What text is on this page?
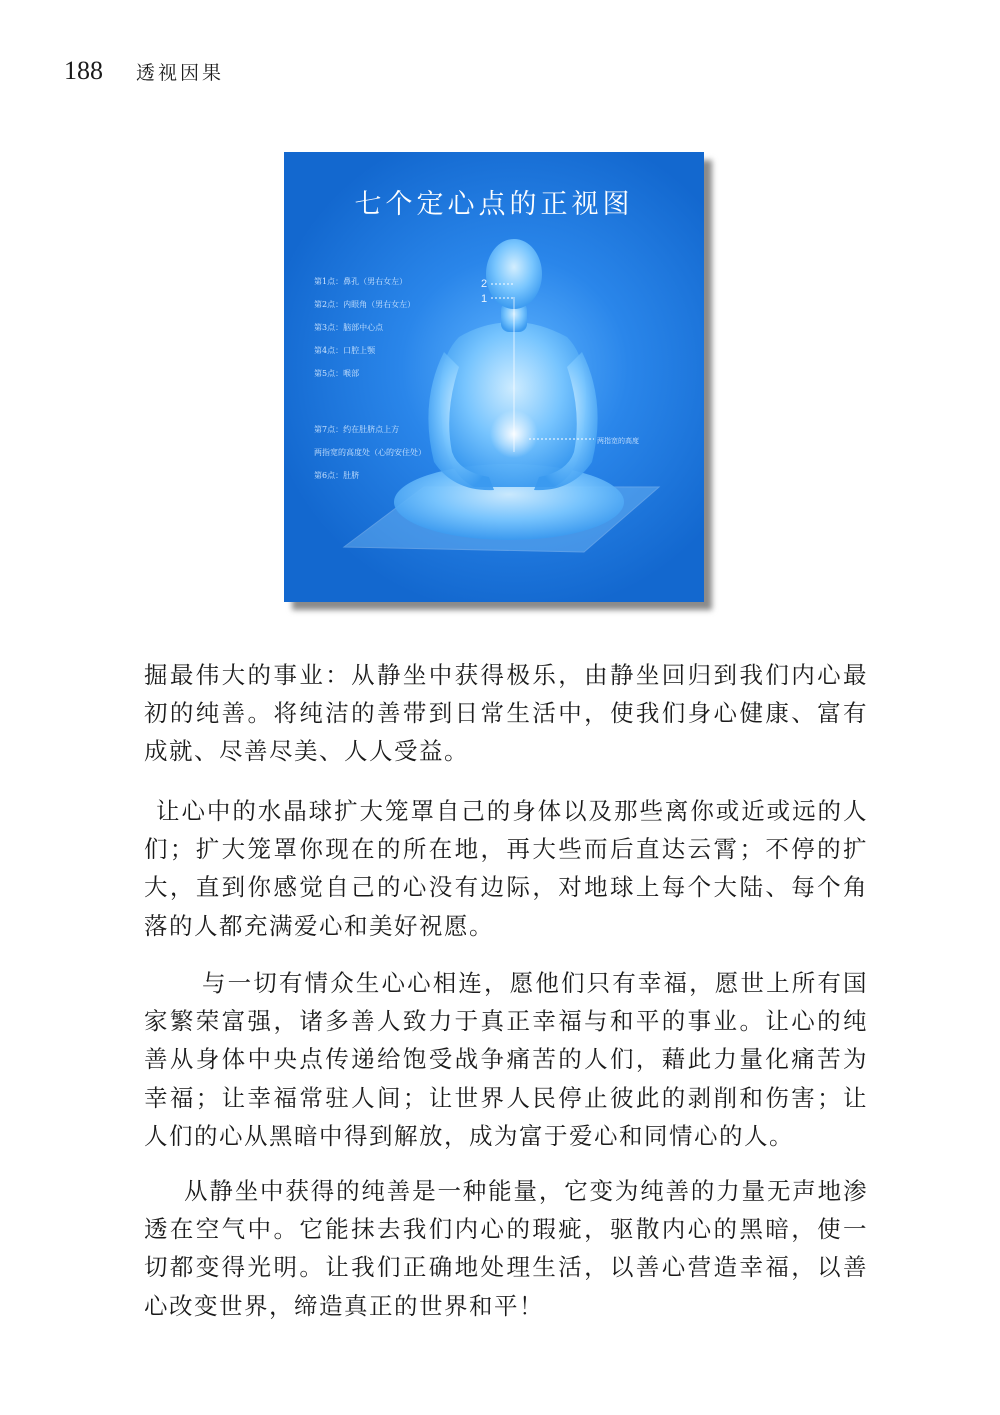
188	透视因果
七个定心点的正视图
第1点：鼻孔（男右女左）
第2点：内眼角（男右女左）
第3点：脑部中心点
第4点：口腔上颚
第5点：喉部
第7点：约在肚脐点上方
两指宽的高度处（心的安住处）
第6点：肚脐
2
1
两指宽的高度

掘最伟大的事业：从静坐中获得极乐，由静坐回归到我们内心最初的纯善。将纯洁的善带到日常生活中，使我们身心健康、富有成就、尽善尽美、人人受益。

让心中的水晶球扩大笼罩自己的身体以及那些离你或近或远的人们；扩大笼罩你现在的所在地，再大些而后直达云霄；不停的扩大，直到你感觉自己的心没有边际，对地球上每个大陆、每个角落的人都充满爱心和美好祝愿。

与一切有情众生心心相连，愿他们只有幸福，愿世上所有国家繁荣富强，诸多善人致力于真正幸福与和平的事业。让心的纯善从身体中央点传递给饱受战争痛苦的人们，藉此力量化痛苦为幸福；让幸福常驻人间；让世界人民停止彼此的剥削和伤害；让人们的心从黑暗中得到解放，成为富于爱心和同情心的人。

从静坐中获得的纯善是一种能量，它变为纯善的力量无声地渗透在空气中。它能抹去我们内心的瑕疵，驱散内心的黑暗，使一切都变得光明。让我们正确地处理生活，以善心营造幸福，以善心改变世界，缔造真正的世界和平！
